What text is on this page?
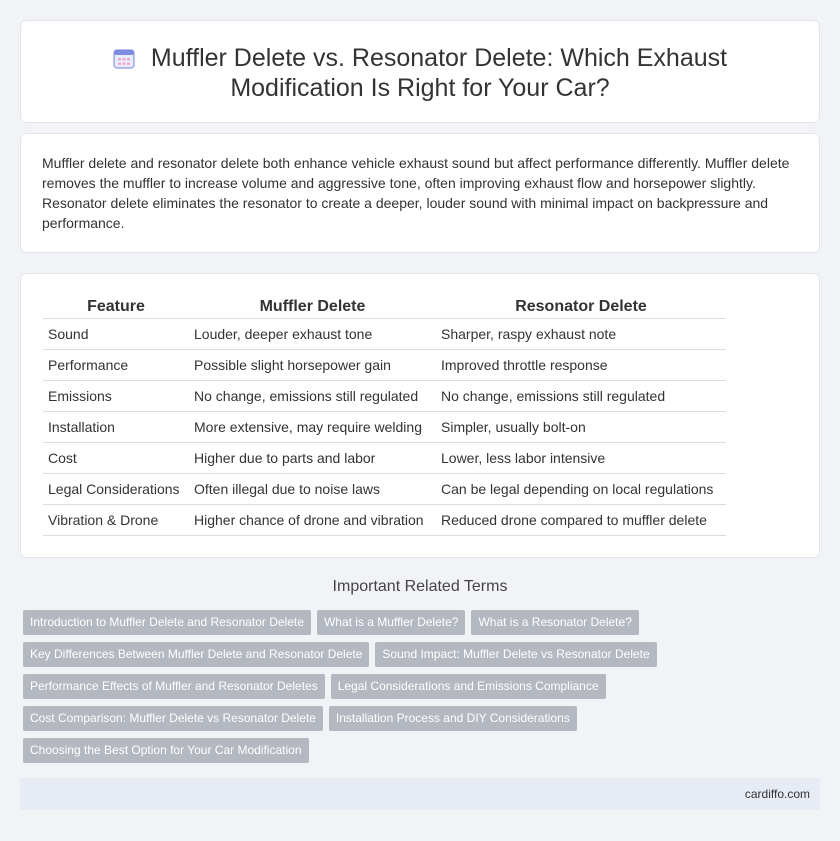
Muffler Delete vs. Resonator Delete: Which Exhaust Modification Is Right for Your Car?

Muffler delete and resonator delete both enhance vehicle exhaust sound but affect performance differently. Muffler delete removes the muffler to increase volume and aggressive tone, often improving exhaust flow and horsepower slightly. Resonator delete eliminates the resonator to create a deeper, louder sound with minimal impact on backpressure and performance.

Feature	Muffler Delete	Resonator Delete
Sound	Louder, deeper exhaust tone	Sharper, raspy exhaust note
Performance	Possible slight horsepower gain	Improved throttle response
Emissions	No change, emissions still regulated	No change, emissions still regulated
Installation	More extensive, may require welding	Simpler, usually bolt-on
Cost	Higher due to parts and labor	Lower, less labor intensive
Legal Considerations	Often illegal due to noise laws	Can be legal depending on local regulations
Vibration & Drone	Higher chance of drone and vibration	Reduced drone compared to muffler delete
Important Related Terms
Introduction to Muffler Delete and Resonator Delete What is a Muffler Delete? What is a Resonator Delete?
Key Differences Between Muffler Delete and Resonator Delete Sound Impact: Muffler Delete vs Resonator Delete
Performance Effects of Muffler and Resonator Deletes Legal Considerations and Emissions Compliance
Cost Comparison: Muffler Delete vs Resonator Delete Installation Process and DIY Considerations
Choosing the Best Option for Your Car Modification
cardiffo.com
